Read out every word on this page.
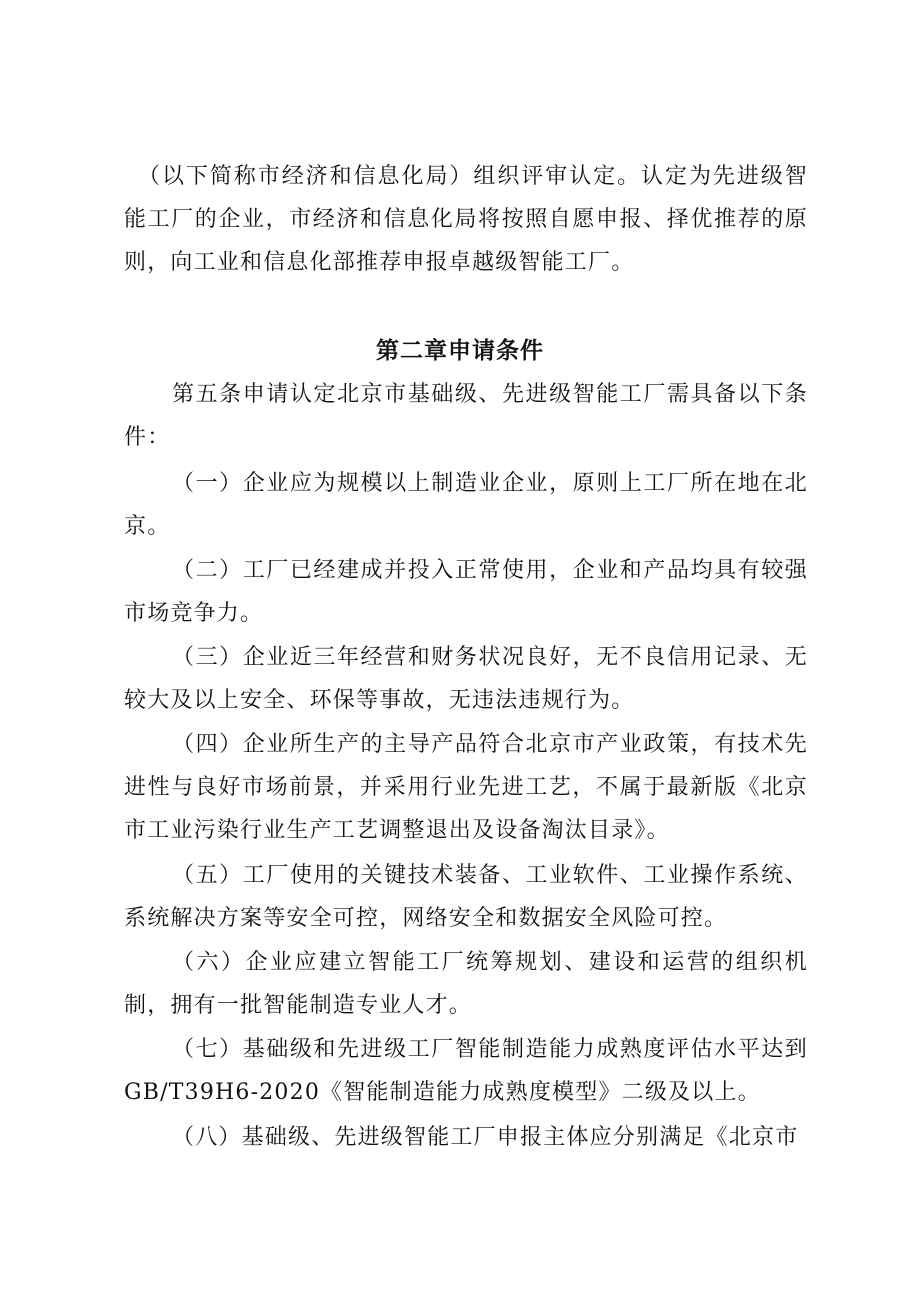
（以下简称市经济和信息化局）组织评审认定。认定为先进级智能工厂的企业，市经济和信息化局将按照自愿申报、择优推荐的原则，向工业和信息化部推荐申报卓越级智能工厂。

第二章申请条件

第五条申请认定北京市基础级、先进级智能工厂需具备以下条件：

（一）企业应为规模以上制造业企业，原则上工厂所在地在北京。

（二）工厂已经建成并投入正常使用，企业和产品均具有较强市场竞争力。

（三）企业近三年经营和财务状况良好，无不良信用记录、无较大及以上安全、环保等事故，无违法违规行为。

（四）企业所生产的主导产品符合北京市产业政策，有技术先进性与良好市场前景，并采用行业先进工艺，不属于最新版《北京市工业污染行业生产工艺调整退出及设备淘汰目录》。

（五）工厂使用的关键技术装备、工业软件、工业操作系统、系统解决方案等安全可控，网络安全和数据安全风险可控。

（六）企业应建立智能工厂统筹规划、建设和运营的组织机制，拥有一批智能制造专业人才。

（七）基础级和先进级工厂智能制造能力成熟度评估水平达到GB/T39H6-2020《智能制造能力成熟度模型》二级及以上。

（八）基础级、先进级智能工厂申报主体应分别满足《北京市
